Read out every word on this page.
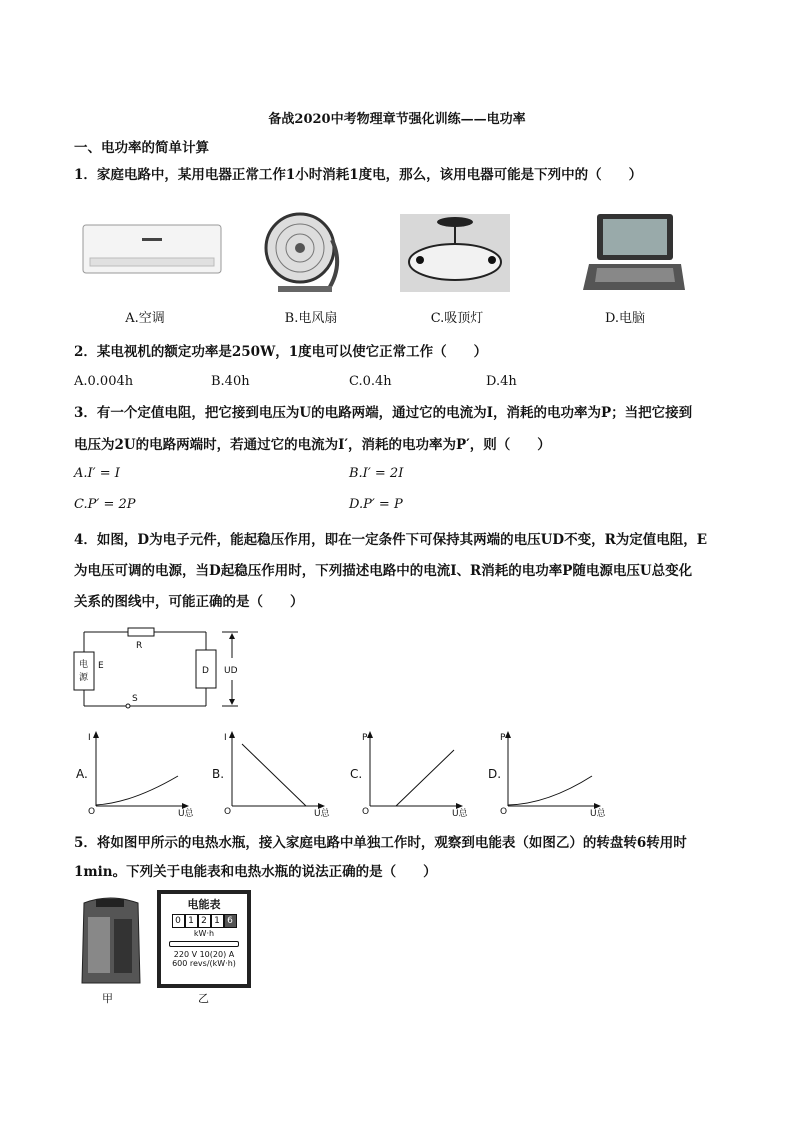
备战2020中考物理章节强化训练——电功率
一、电功率的简单计算
1．家庭电路中，某用电器正常工作1小时消耗1度电，那么，该用电器可能是下列中的（　　）
A.空调	B.电风扇	C.吸顶灯	D.电脑
2．某电视机的额定功率是250W，1度电可以使它正常工作（　　）
A.0.004h	B.40h	C.0.4h	D.4h
3．有一个定值电阻，把它接到电压为U的电路两端，通过它的电流为I，消耗的电功率为P；当把它接到
电压为2U的电路两端时，若通过它的电流为I′，消耗的电功率为P′，则（　　）
A.I′ = I	B.I′ = 2I
C.P′ = 2P	D.P′ = P
4．如图，D为电子元件，能起稳压作用，即在一定条件下可保持其两端的电压UD不变，R为定值电阻，E
为电压可调的电源，当D起稳压作用时，下列描述电路中的电流I、R消耗的电功率P随电源电压U总变化
关系的图线中，可能正确的是（　　）
R
E
电
源
D
S
UD
A.
I
O	U总
B.
I
O	U总
C.
P
O	U总
D.
P
O	U总
5．将如图甲所示的电热水瓶，接入家庭电路中单独工作时，观察到电能表（如图乙）的转盘转6转用时
1min。下列关于电能表和电热水瓶的说法正确的是（　　）
甲
电能表
0 1 2 1 6
kW·h
220 V 10(20) A
600 revs/(kW·h)
乙
